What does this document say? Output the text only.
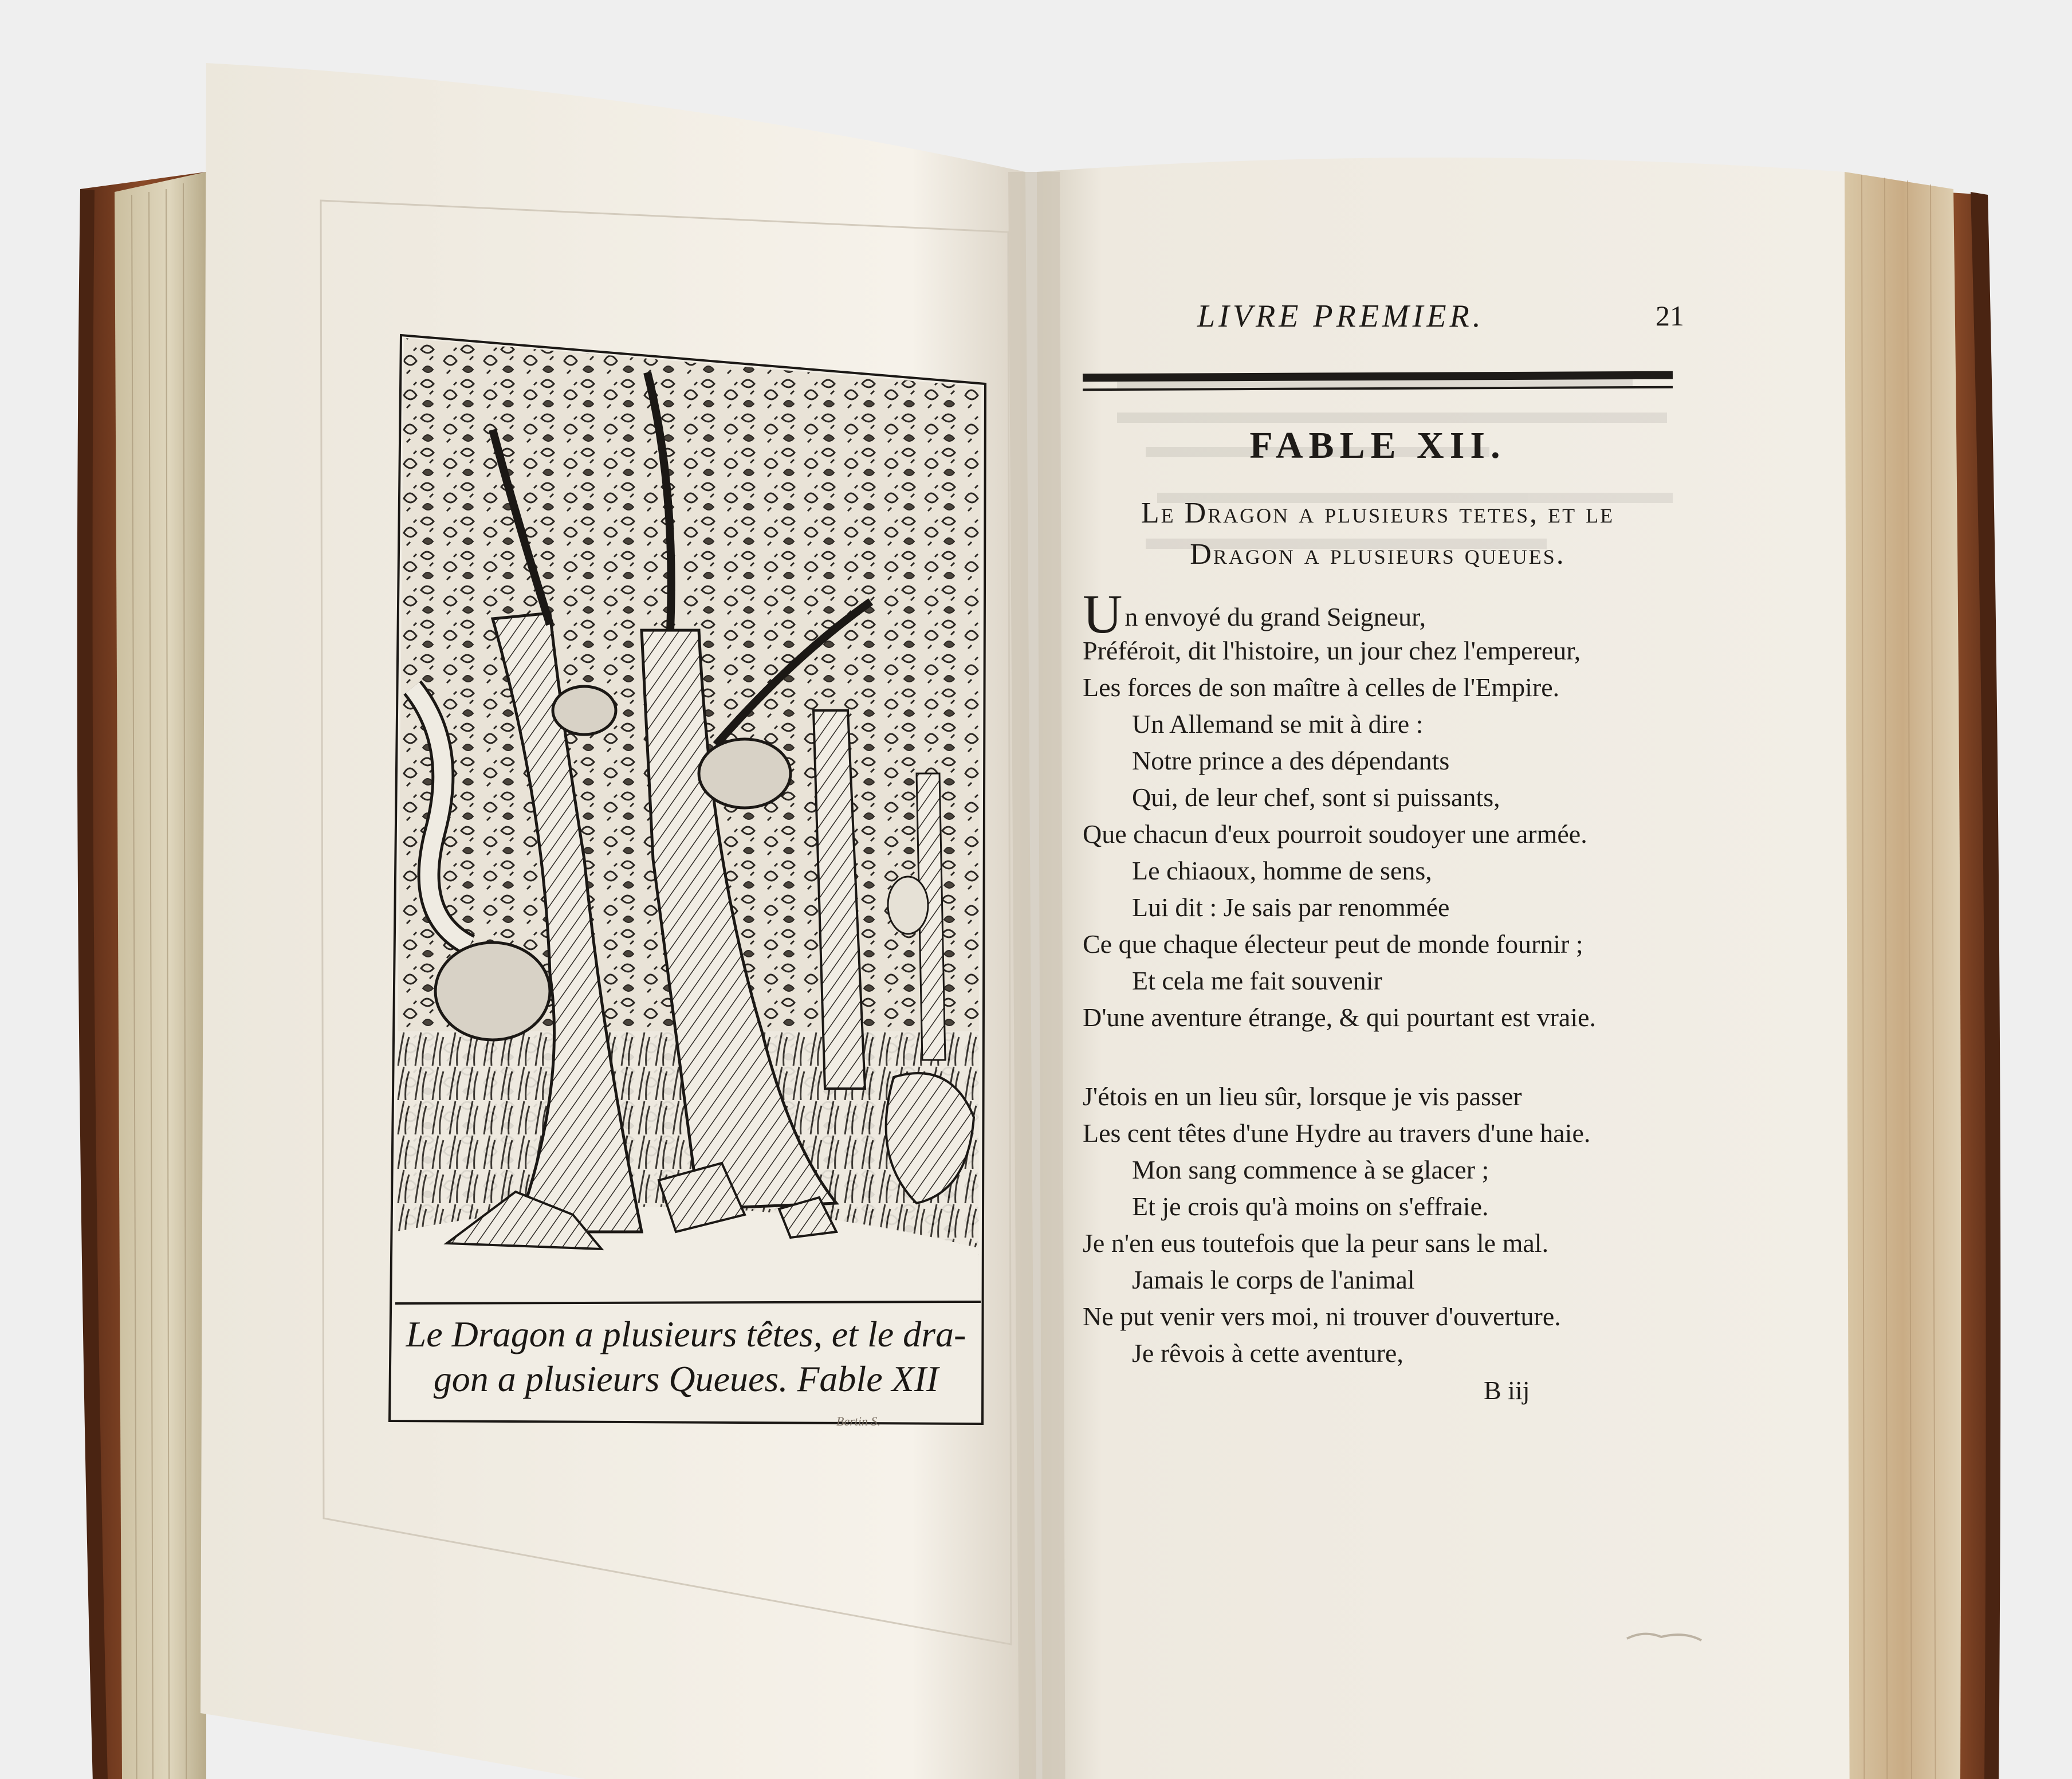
Le Dragon a plusieurs têtes, et le dra-
gon a plusieurs Queues. Fable XII
Bertin S.
LIVRE PREMIER.	21
FABLE XII.
Le Dragon a plusieurs tetes, et le
Dragon a plusieurs queues.
Un envoyé du grand Seigneur,
Préféroit, dit l'histoire, un jour chez l'empereur,
Les forces de son maître à celles de l'Empire.
Un Allemand se mit à dire :
Notre prince a des dépendants
Qui, de leur chef, sont si puissants,
Que chacun d'eux pourroit soudoyer une armée.
Le chiaoux, homme de sens,
Lui dit : Je sais par renommée
Ce que chaque électeur peut de monde fournir ;
Et cela me fait souvenir
D'une aventure étrange, & qui pourtant est vraie.
J'étois en un lieu sûr, lorsque je vis passer
Les cent têtes d'une Hydre au travers d'une haie.
Mon sang commence à se glacer ;
Et je crois qu'à moins on s'effraie.
Je n'en eus toutefois que la peur sans le mal.
Jamais le corps de l'animal
Ne put venir vers moi, ni trouver d'ouverture.
Je rêvois à cette aventure,
B iij
